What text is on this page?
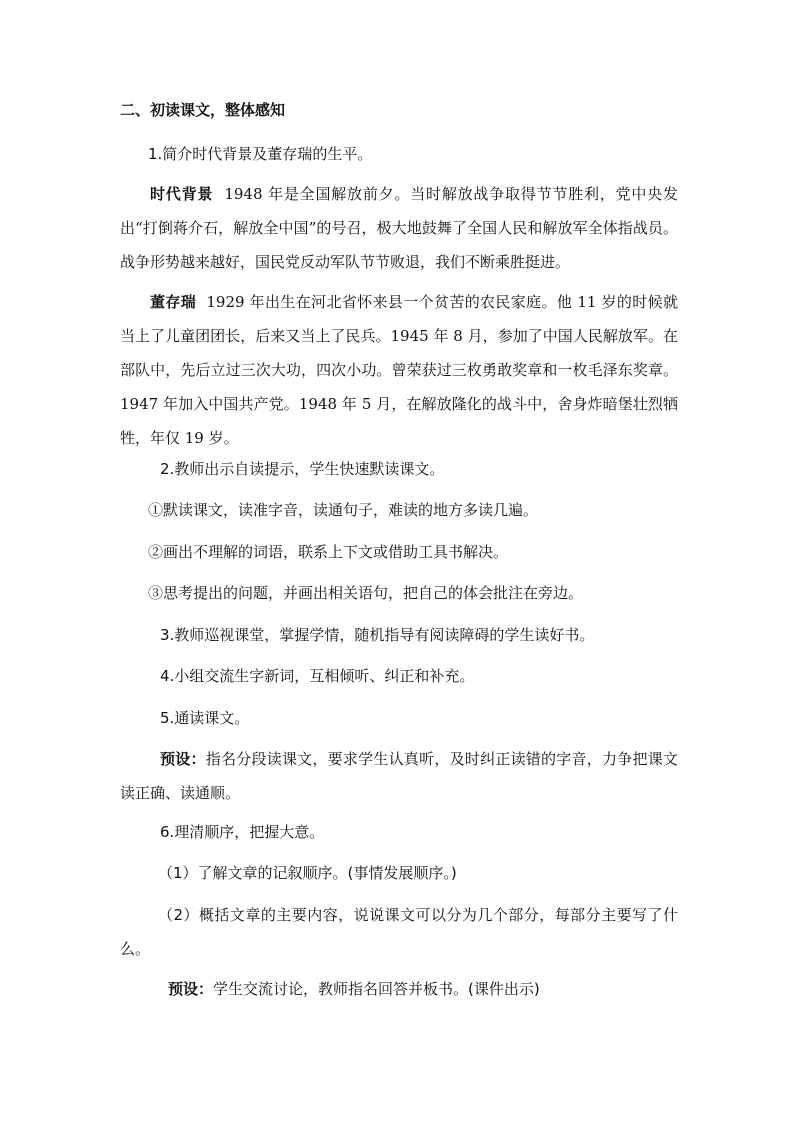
二、初读课文，整体感知
1.简介时代背景及董存瑞的生平。
时代背景 1948 年是全国解放前夕。当时解放战争取得节节胜利，党中央发出“打倒蒋介石，解放全中国”的号召，极大地鼓舞了全国人民和解放军全体指战员。战争形势越来越好，国民党反动军队节节败退，我们不断乘胜挺进。
董存瑞 1929 年出生在河北省怀来县一个贫苦的农民家庭。他 11 岁的时候就当上了儿童团团长，后来又当上了民兵。1945 年 8 月，参加了中国人民解放军。在部队中，先后立过三次大功，四次小功。曾荣获过三枚勇敢奖章和一枚毛泽东奖章。1947 年加入中国共产党。1948 年 5 月，在解放隆化的战斗中，舍身炸暗堡壮烈牺牲，年仅 19 岁。
2.教师出示自读提示，学生快速默读课文。
①默读课文，读准字音，读通句子，难读的地方多读几遍。
②画出不理解的词语，联系上下文或借助工具书解决。
③思考提出的问题，并画出相关语句，把自己的体会批注在旁边。
3.教师巡视课堂，掌握学情，随机指导有阅读障碍的学生读好书。
4.小组交流生字新词，互相倾听、纠正和补充。
5.通读课文。
预设：指名分段读课文，要求学生认真听，及时纠正读错的字音，力争把课文读正确、读通顺。
6.理清顺序，把握大意。
（1）了解文章的记叙顺序。(事情发展顺序。)
（2）概括文章的主要内容，说说课文可以分为几个部分，每部分主要写了什么。
预设：学生交流讨论，教师指名回答并板书。(课件出示)
